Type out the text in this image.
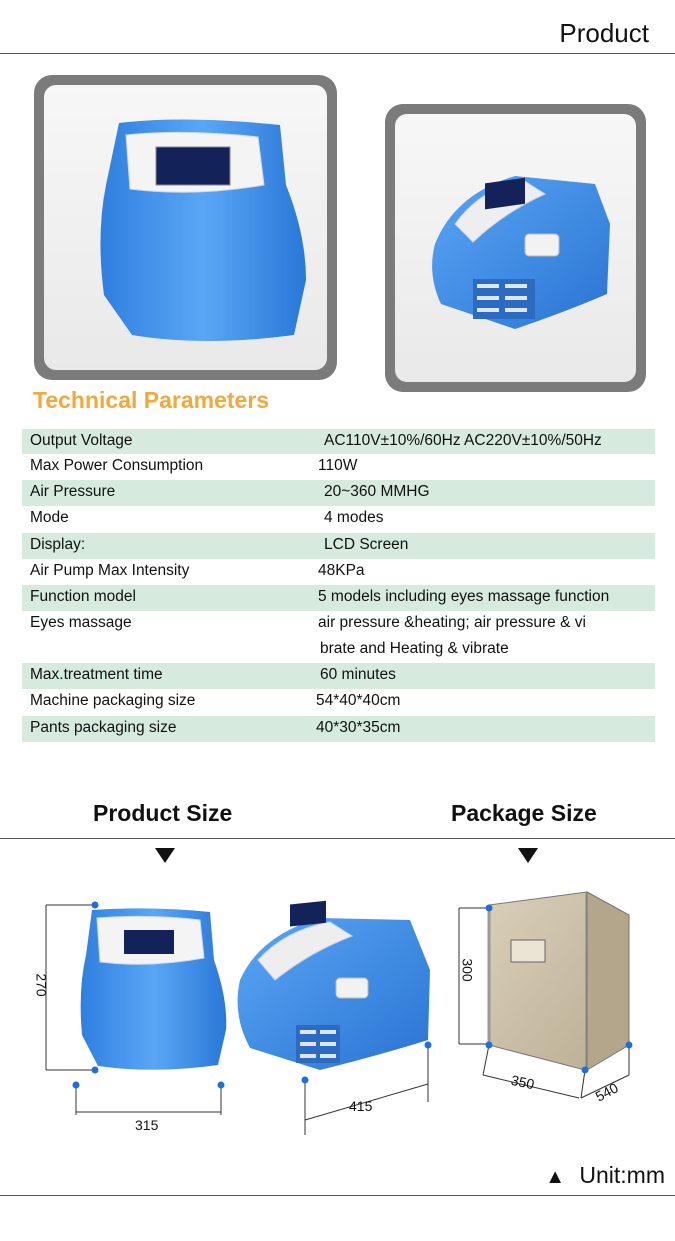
Product
Technical Parameters
Output Voltage	AC110V±10%/60Hz AC220V±10%/50Hz
Max Power Consumption	110W
Air Pressure	20~360 MMHG
Mode	4 modes
Display:	LCD Screen
Air Pump Max Intensity	48KPa
Function model	5 models including eyes massage function
Eyes massage	air pressure &heating; air pressure & vi
brate and Heating & vibrate
Max.treatment time	60 minutes
Machine packaging size	54*40*40cm
Pants packaging size	40*30*35cm
Product Size	Package Size
270
315
415
300
350	540
▲ Unit:mm
